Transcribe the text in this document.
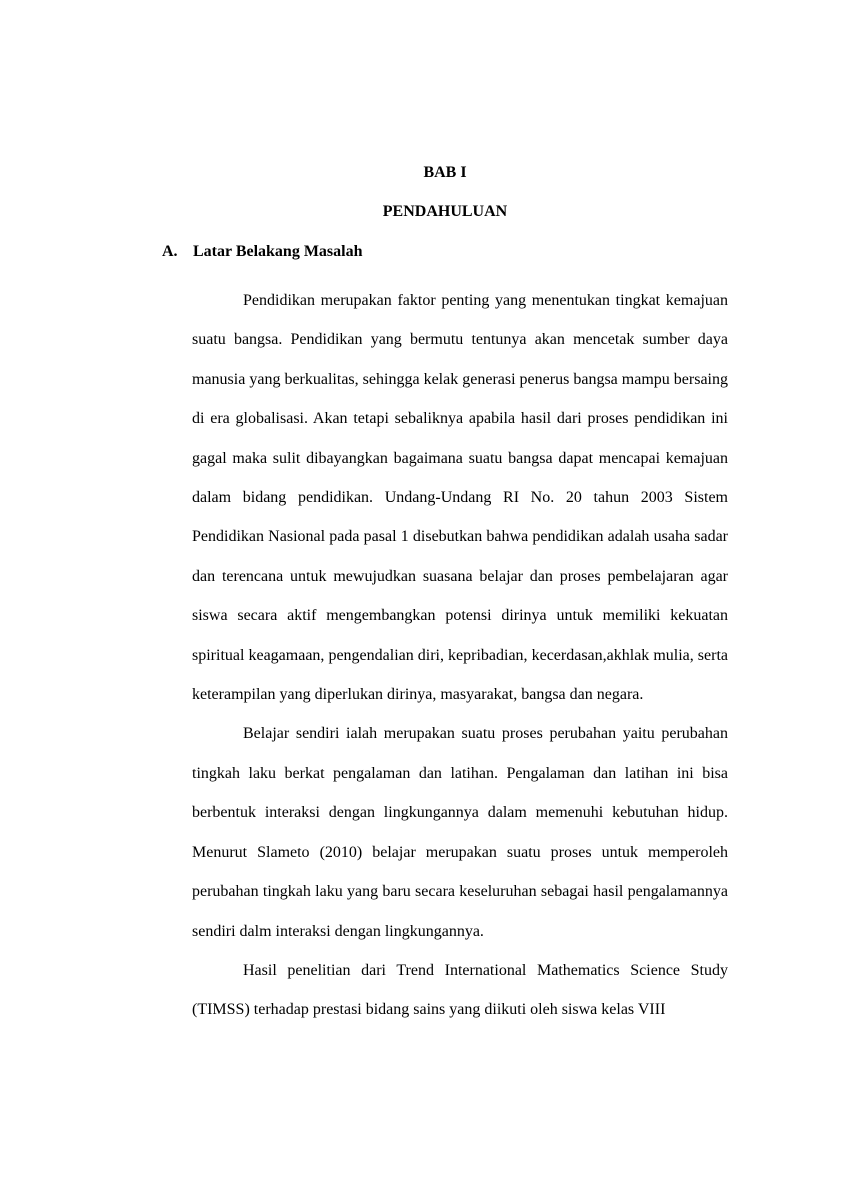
BAB I
PENDAHULUAN
A. Latar Belakang Masalah

Pendidikan merupakan faktor penting yang menentukan tingkat kemajuan suatu bangsa. Pendidikan yang bermutu tentunya akan mencetak sumber daya manusia yang berkualitas, sehingga kelak generasi penerus bangsa mampu bersaing di era globalisasi. Akan tetapi sebaliknya apabila hasil dari proses pendidikan ini gagal maka sulit dibayangkan bagaimana suatu bangsa dapat mencapai kemajuan dalam bidang pendidikan. Undang-Undang RI No. 20 tahun 2003 Sistem Pendidikan Nasional pada pasal 1 disebutkan bahwa pendidikan adalah usaha sadar dan terencana untuk mewujudkan suasana belajar dan proses pembelajaran agar siswa secara aktif mengembangkan potensi dirinya untuk memiliki kekuatan spiritual keagamaan, pengendalian diri, kepribadian, kecerdasan,akhlak mulia, serta keterampilan yang diperlukan dirinya, masyarakat, bangsa dan negara.

Belajar sendiri ialah merupakan suatu proses perubahan yaitu perubahan tingkah laku berkat pengalaman dan latihan. Pengalaman dan latihan ini bisa berbentuk interaksi dengan lingkungannya dalam memenuhi kebutuhan hidup. Menurut Slameto (2010) belajar merupakan suatu proses untuk memperoleh perubahan tingkah laku yang baru secara keseluruhan sebagai hasil pengalamannya sendiri dalm interaksi dengan lingkungannya.

Hasil penelitian dari Trend International Mathematics Science Study (TIMSS) terhadap prestasi bidang sains yang diikuti oleh siswa kelas VIII
